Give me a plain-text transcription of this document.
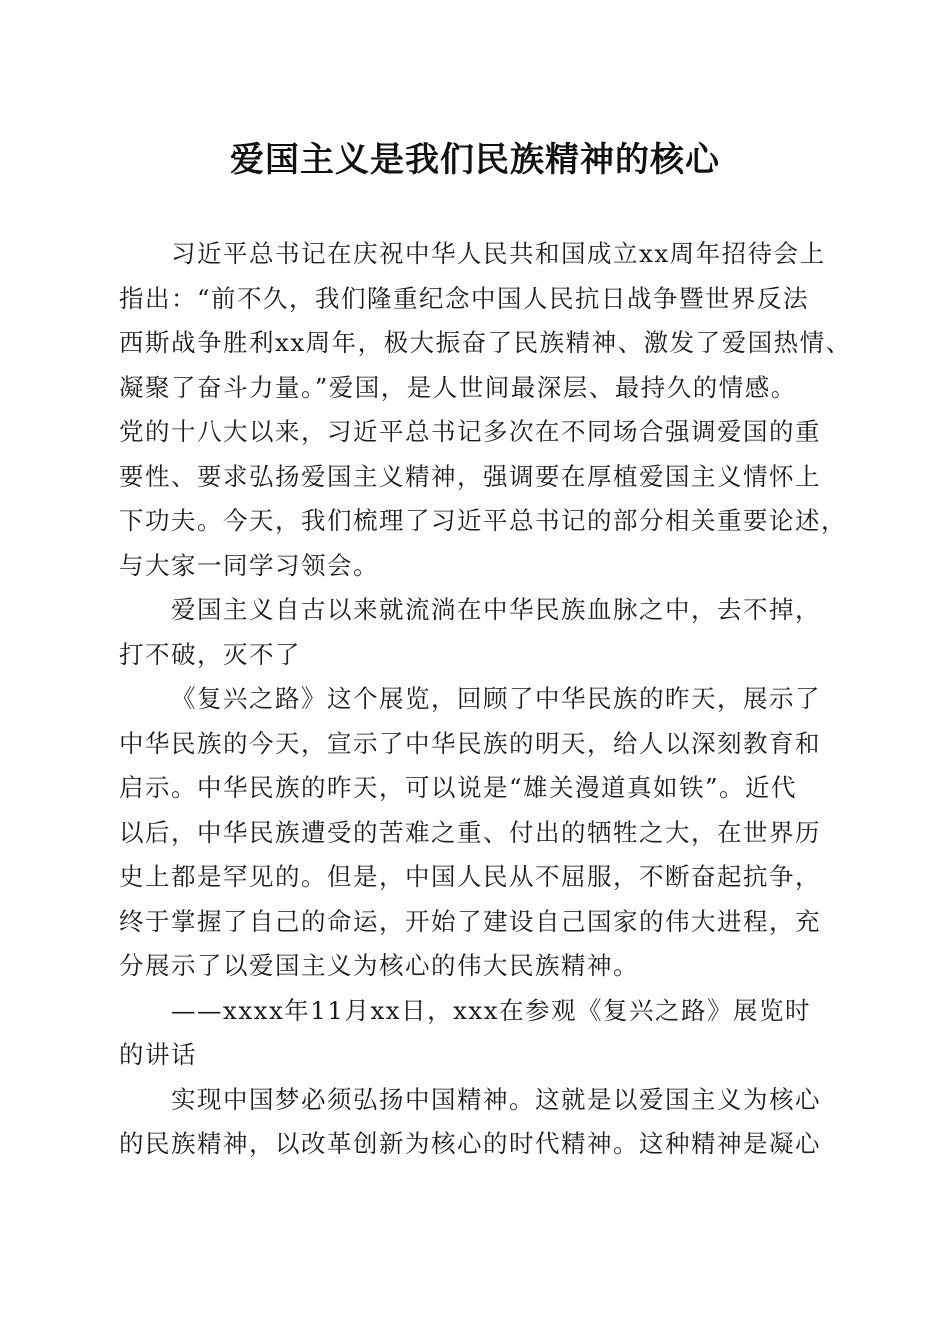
爱国主义是我们民族精神的核心
习近平总书记在庆祝中华人民共和国成立xx周年招待会上
指出：“前不久，我们隆重纪念中国人民抗日战争暨世界反法
西斯战争胜利xx周年，极大振奋了民族精神、激发了爱国热情、
凝聚了奋斗力量。”爱国，是人世间最深层、最持久的情感。
党的十八大以来，习近平总书记多次在不同场合强调爱国的重
要性、要求弘扬爱国主义精神，强调要在厚植爱国主义情怀上
下功夫。今天，我们梳理了习近平总书记的部分相关重要论述，
与大家一同学习领会。
爱国主义自古以来就流淌在中华民族血脉之中，去不掉，
打不破，灭不了
《复兴之路》这个展览，回顾了中华民族的昨天，展示了
中华民族的今天，宣示了中华民族的明天，给人以深刻教育和
启示。中华民族的昨天，可以说是“雄关漫道真如铁”。近代
以后，中华民族遭受的苦难之重、付出的牺牲之大，在世界历
史上都是罕见的。但是，中国人民从不屈服，不断奋起抗争，
终于掌握了自己的命运，开始了建设自己国家的伟大进程，充
分展示了以爱国主义为核心的伟大民族精神。
——xxxx年11月xx日，xxx在参观《复兴之路》展览时
的讲话
实现中国梦必须弘扬中国精神。这就是以爱国主义为核心
的民族精神，以改革创新为核心的时代精神。这种精神是凝心
